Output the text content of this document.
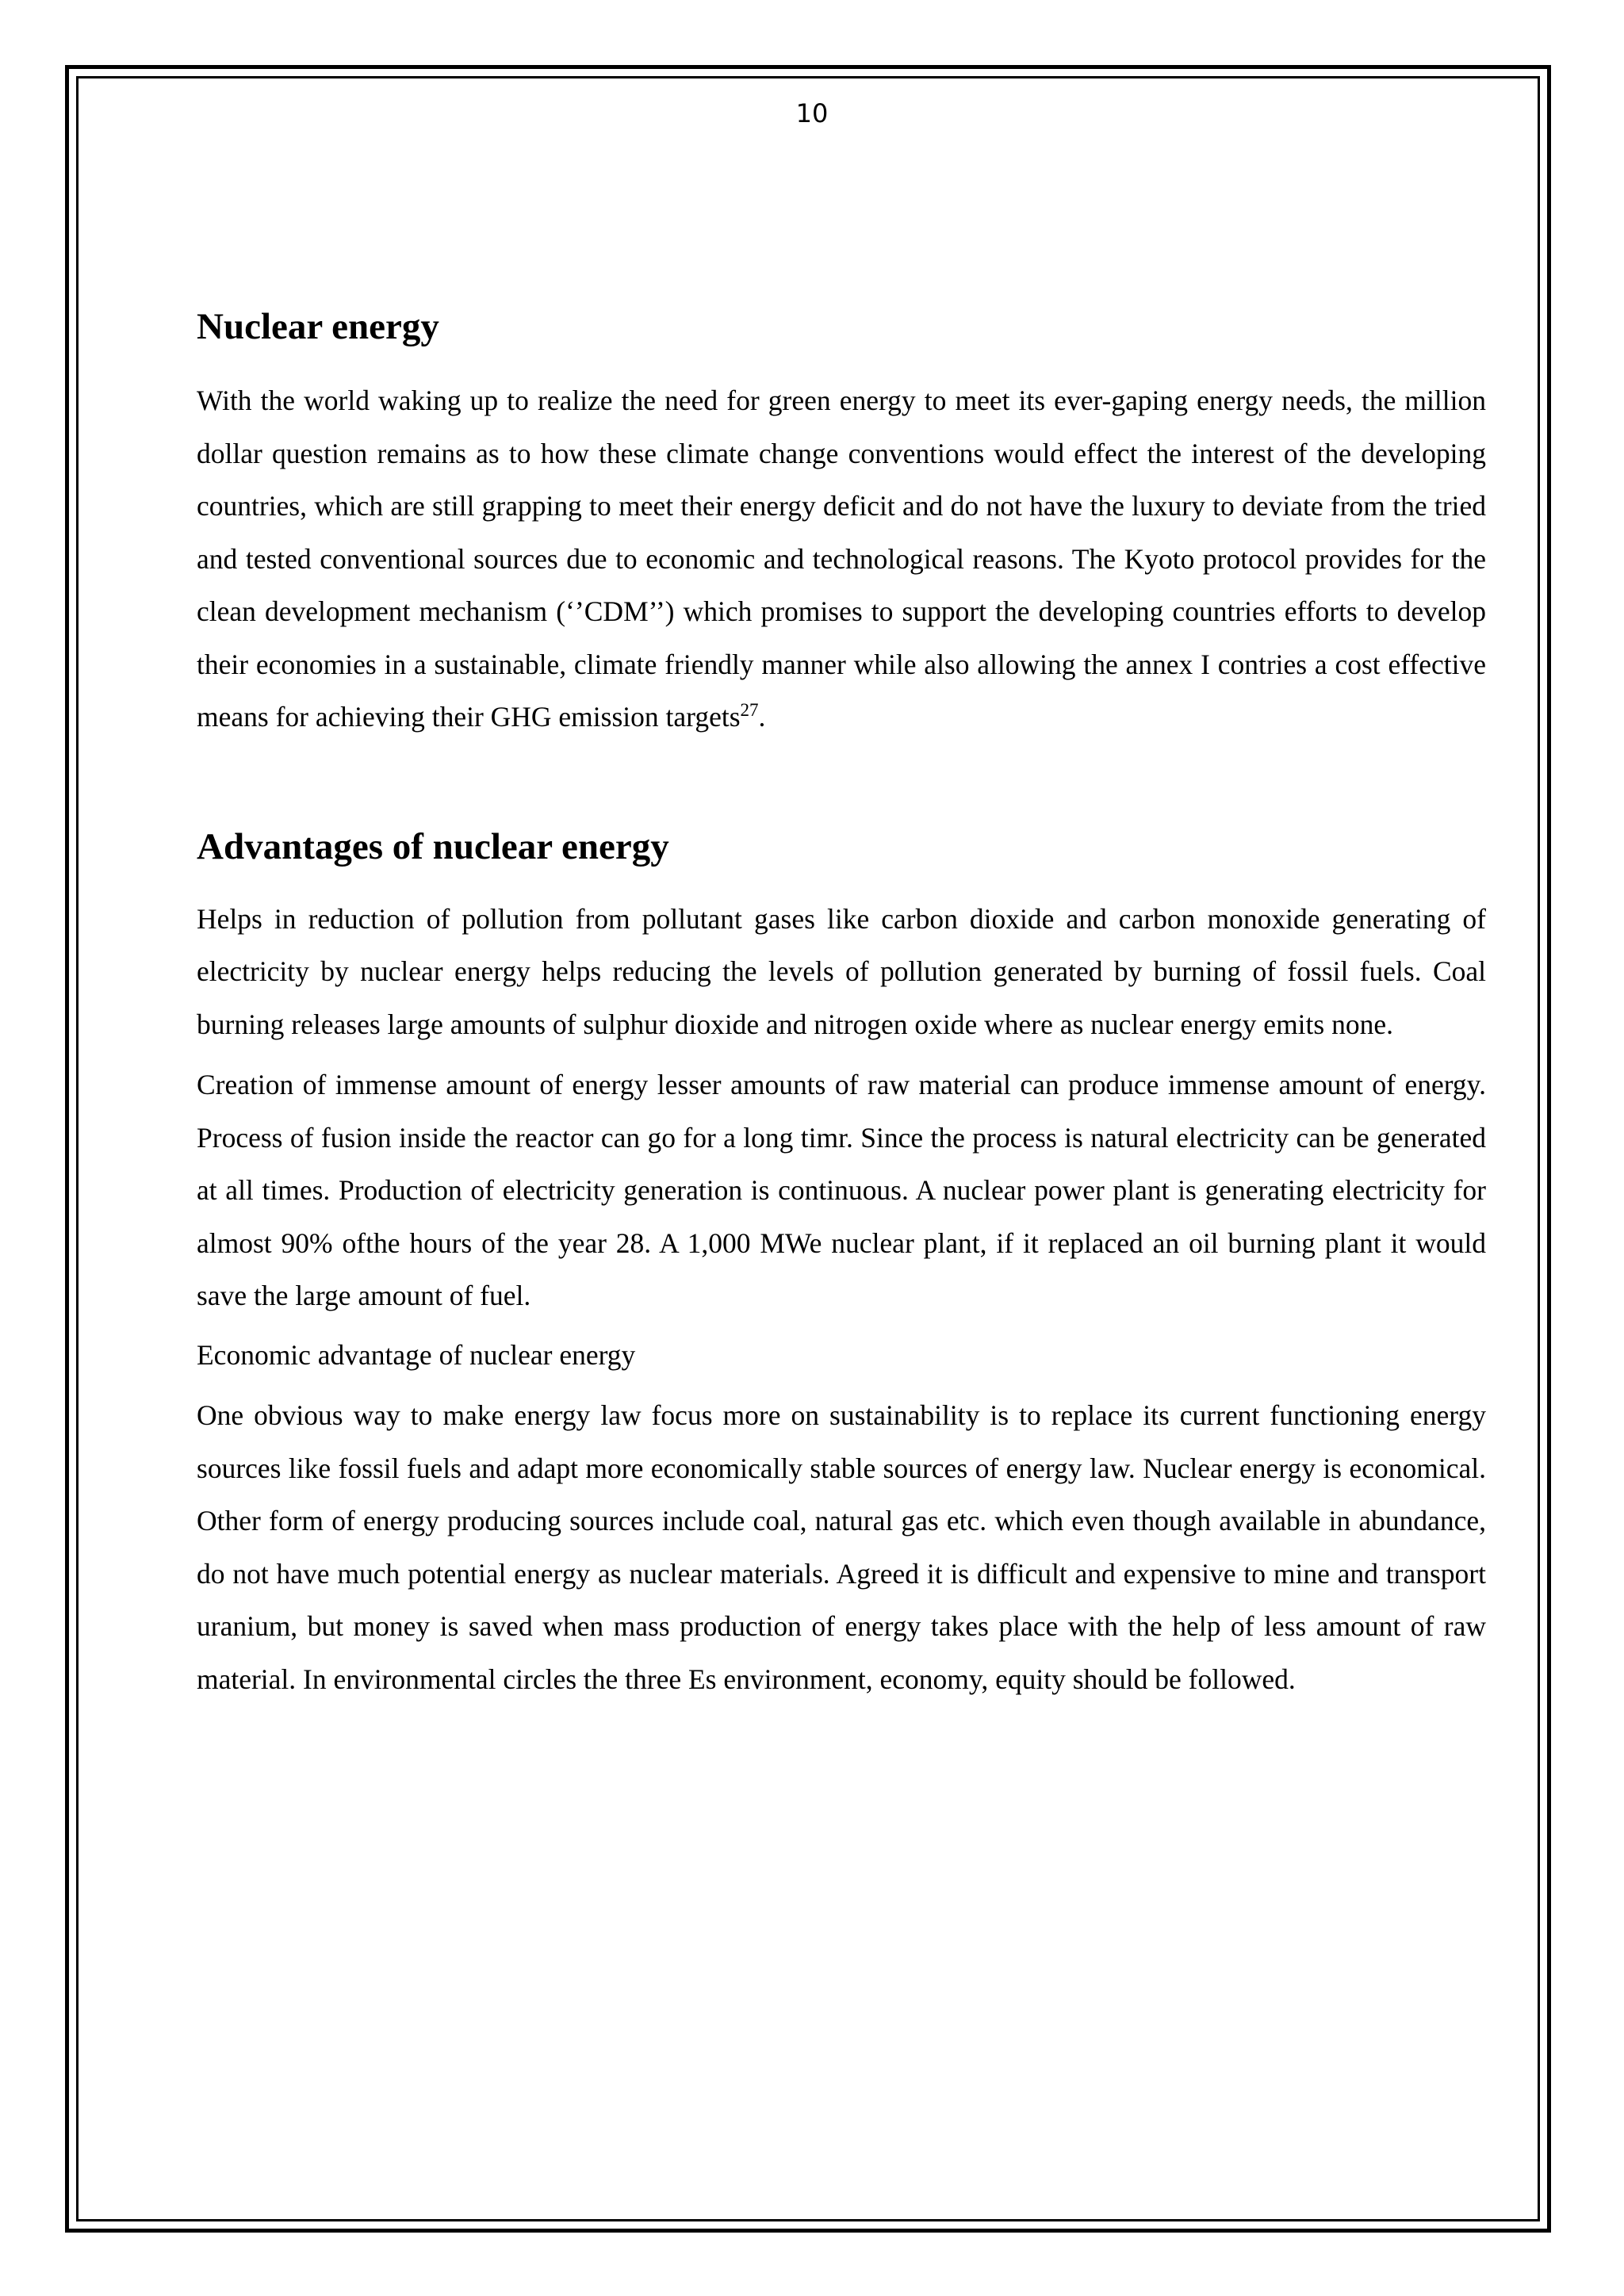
10
Nuclear energy

With the world waking up to realize the need for green energy to meet its ever-gaping energy needs, the million dollar question remains as to how these climate change conventions would effect the interest of the developing countries, which are still grapping to meet their energy deficit and do not have the luxury to deviate from the tried and tested conventional sources due to economic and technological reasons. The Kyoto protocol provides for the clean development mechanism (‘’CDM’’) which promises to support the developing countries efforts to develop their economies in a sustainable, climate friendly manner while also allowing the annex I contries a cost effective means for achieving their GHG emission targets$^{27}$.

Advantages of nuclear energy

Helps in reduction of pollution from pollutant gases like carbon dioxide and carbon monoxide generating of electricity by nuclear energy helps reducing the levels of pollution generated by burning of fossil fuels. Coal burning releases large amounts of sulphur dioxide and nitrogen oxide where as nuclear energy emits none.

Creation of immense amount of energy lesser amounts of raw material can produce immense amount of energy. Process of fusion inside the reactor can go for a long timr. Since the process is natural electricity can be generated at all times. Production of electricity generation is continuous. A nuclear power plant is generating electricity for almost 90% ofthe hours of the year 28. A 1,000 MWe nuclear plant, if it replaced an oil burning plant it would save the large amount of fuel.

Economic advantage of nuclear energy

One obvious way to make energy law focus more on sustainability is to replace its current functioning energy sources like fossil fuels and adapt more economically stable sources of energy law. Nuclear energy is economical. Other form of energy producing sources include coal, natural gas etc. which even though available in abundance, do not have much potential energy as nuclear materials. Agreed it is difficult and expensive to mine and transport uranium, but money is saved when mass production of energy takes place with the help of less amount of raw material. In environmental circles the three Es environment, economy, equity should be followed.
